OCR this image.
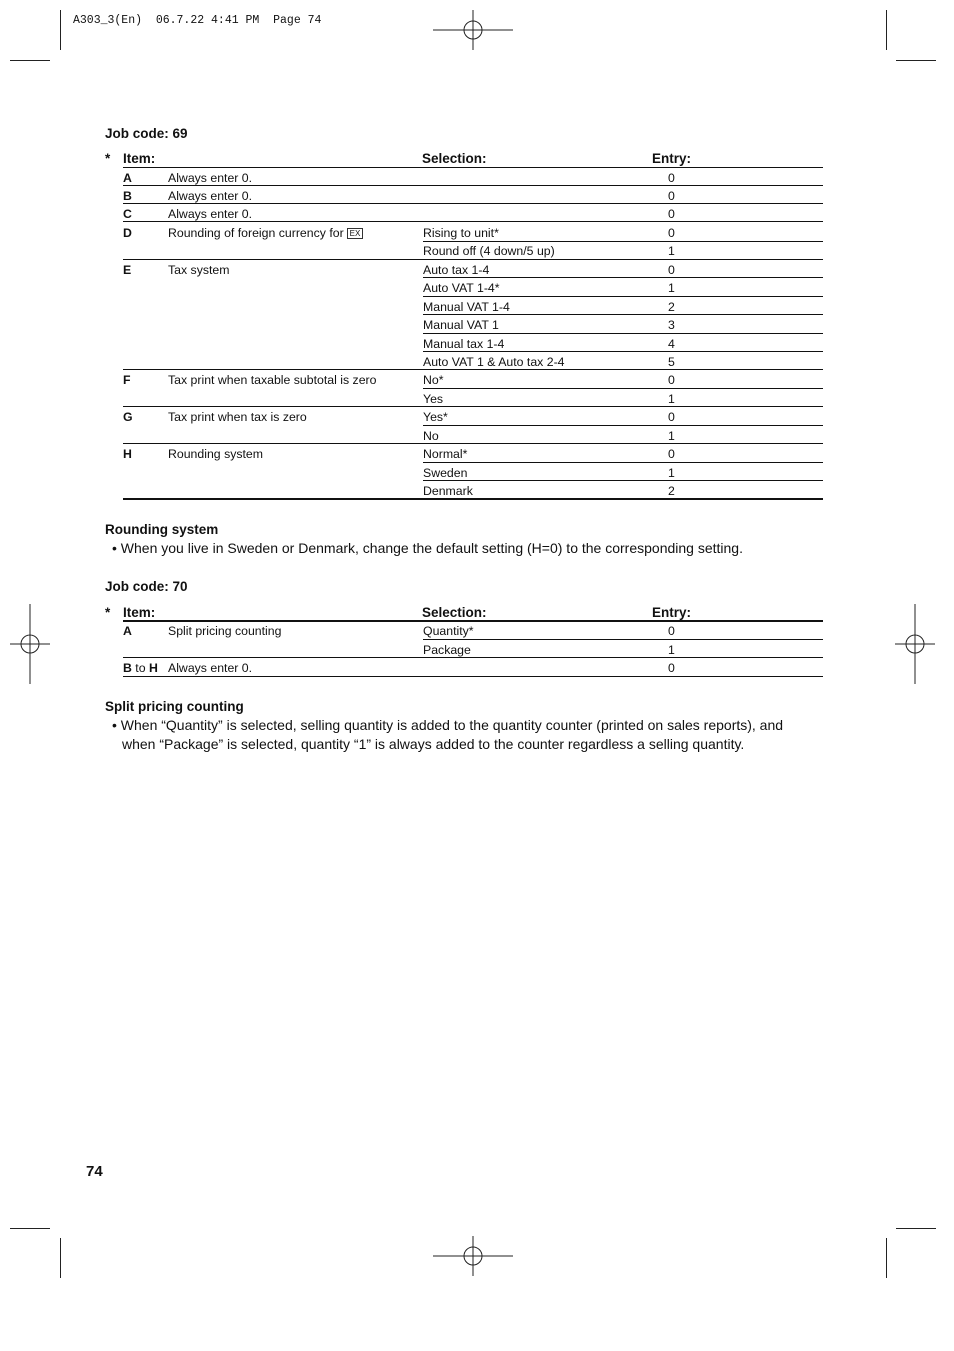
A303_3(En)  06.7.22 4:41 PM  Page 74
Job code: 69
* Item:	Selection:	Entry:
A	Always enter 0.	0
B	Always enter 0.	0
C	Always enter 0.	0
D	Rounding of foreign currency for EX	Rising to unit*	0
Round off (4 down/5 up)	1
E	Tax system	Auto tax 1-4	0
Auto VAT 1-4*	1
Manual VAT 1-4	2
Manual VAT 1	3
Manual tax 1-4	4
Auto VAT 1 & Auto tax 2-4	5
F	Tax print when taxable subtotal is zero	No*	0
Yes	1
G	Tax print when tax is zero	Yes*	0
No	1
H	Rounding system	Normal*	0
Sweden	1
Denmark	2
Rounding system
• When you live in Sweden or Denmark, change the default setting (H=0) to the corresponding setting.
Job code: 70
* Item:	Selection:	Entry:
A	Split pricing counting	Quantity*	0
Package	1
B to H Always enter 0.	0
Split pricing counting
• When “Quantity” is selected, selling quantity is added to the quantity counter (printed on sales reports), and
when “Package” is selected, quantity “1” is always added to the counter regardless a selling quantity.
74
